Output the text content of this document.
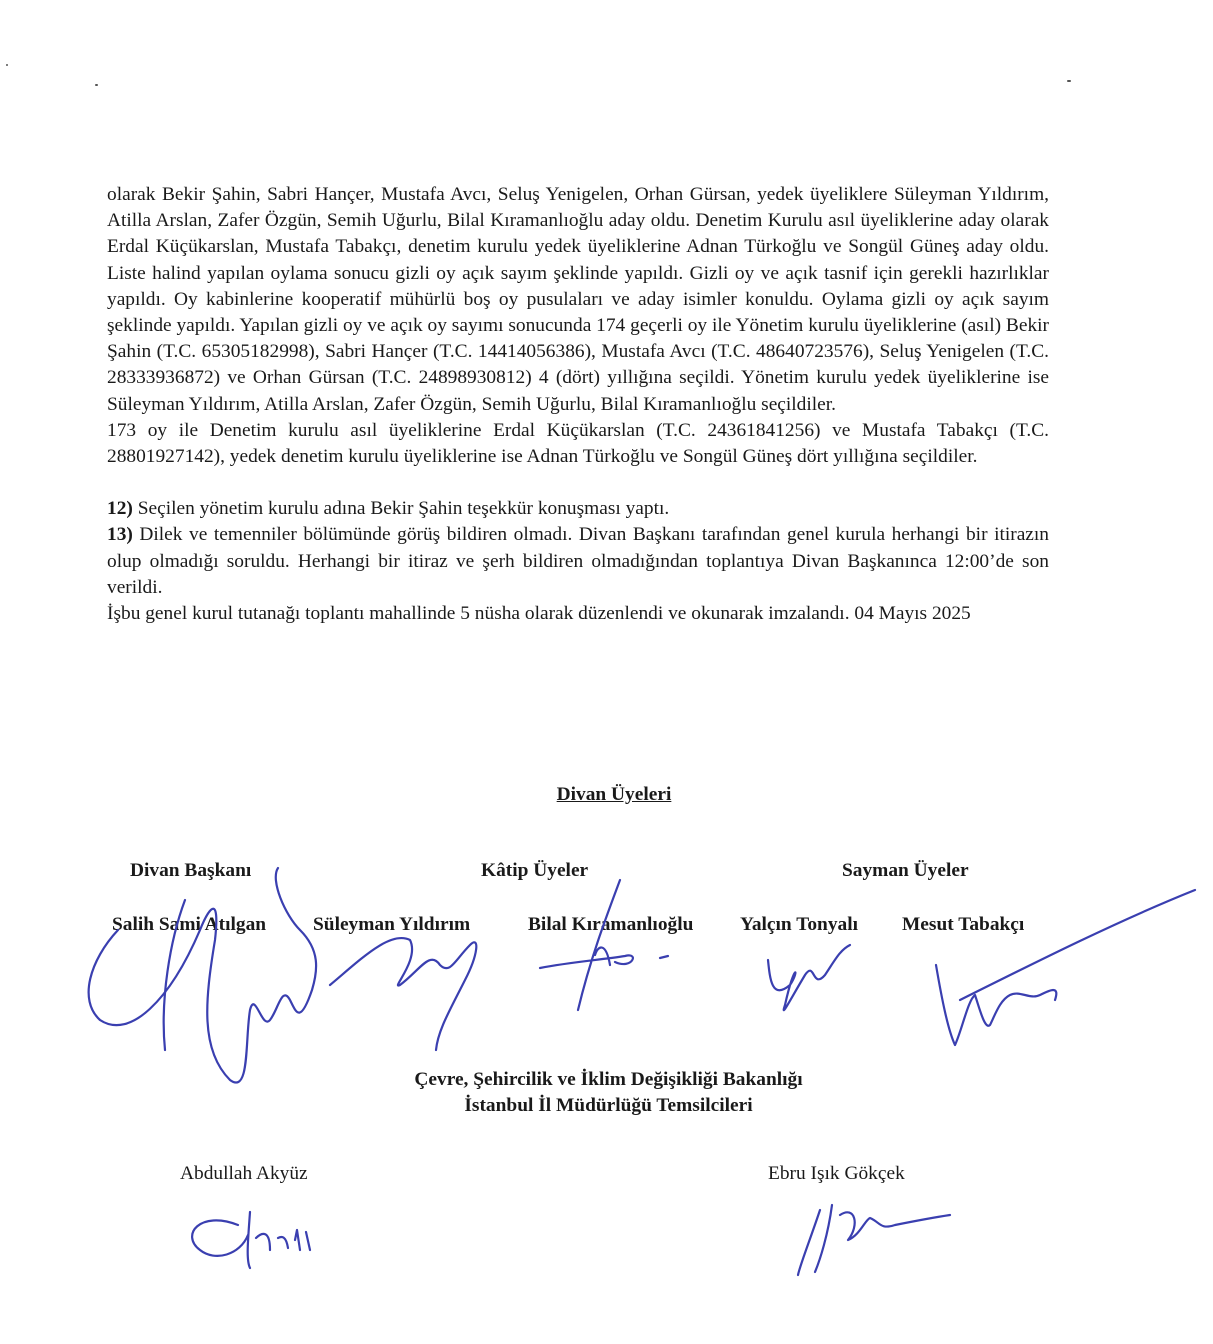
olarak Bekir Şahin, Sabri Hançer, Mustafa Avcı, Seluş Yenigelen, Orhan Gürsan, yedek üyeliklere Süleyman Yıldırım, Atilla Arslan, Zafer Özgün, Semih Uğurlu, Bilal Kıramanlıoğlu aday oldu. Denetim Kurulu asıl üyeliklerine aday olarak Erdal Küçükarslan, Mustafa Tabakçı, denetim kurulu yedek üyeliklerine Adnan Türkoğlu ve Songül Güneş aday oldu. Liste halind yapılan oylama sonucu gizli oy açık sayım şeklinde yapıldı. Gizli oy ve açık tasnif için gerekli hazırlıklar yapıldı. Oy kabinlerine kooperatif mühürlü boş oy pusulaları ve aday isimler konuldu. Oylama gizli oy açık sayım şeklinde yapıldı. Yapılan gizli oy ve açık oy sayımı sonucunda 174 geçerli oy ile Yönetim kurulu üyeliklerine (asıl) Bekir Şahin (T.C. 65305182998), Sabri Hançer (T.C. 14414056386), Mustafa Avcı (T.C. 48640723576), Seluş Yenigelen (T.C. 28333936872) ve Orhan Gürsan (T.C. 24898930812) 4 (dört) yıllığına seçildi. Yönetim kurulu yedek üyeliklerine ise Süleyman Yıldırım, Atilla Arslan, Zafer Özgün, Semih Uğurlu, Bilal Kıramanlıoğlu seçildiler.

173 oy ile Denetim kurulu asıl üyeliklerine Erdal Küçükarslan (T.C. 24361841256) ve Mustafa Tabakçı (T.C. 28801927142), yedek denetim kurulu üyeliklerine ise Adnan Türkoğlu ve Songül Güneş dört yıllığına seçildiler.

12) Seçilen yönetim kurulu adına Bekir Şahin teşekkür konuşması yaptı.

13) Dilek ve temenniler bölümünde görüş bildiren olmadı. Divan Başkanı tarafından genel kurula herhangi bir itirazın olup olmadığı soruldu. Herhangi bir itiraz ve şerh bildiren olmadığından toplantıya Divan Başkanınca 12:00’de son verildi.

İşbu genel kurul tutanağı toplantı mahallinde 5 nüsha olarak düzenlendi ve okunarak imzalandı. 04 Mayıs 2025

Divan Üyeleri
Divan Başkanı	Kâtip Üyeler	Sayman Üyeler
Salih Sami Atılgan Süleyman Yıldırım	Bilal Kıramanlıoğlu Yalçın Tonyalı Mesut Tabakçı
Çevre, Şehircilik ve İklim Değişikliği Bakanlığı
İstanbul İl Müdürlüğü Temsilcileri
Abdullah Akyüz	Ebru Işık Gökçek
